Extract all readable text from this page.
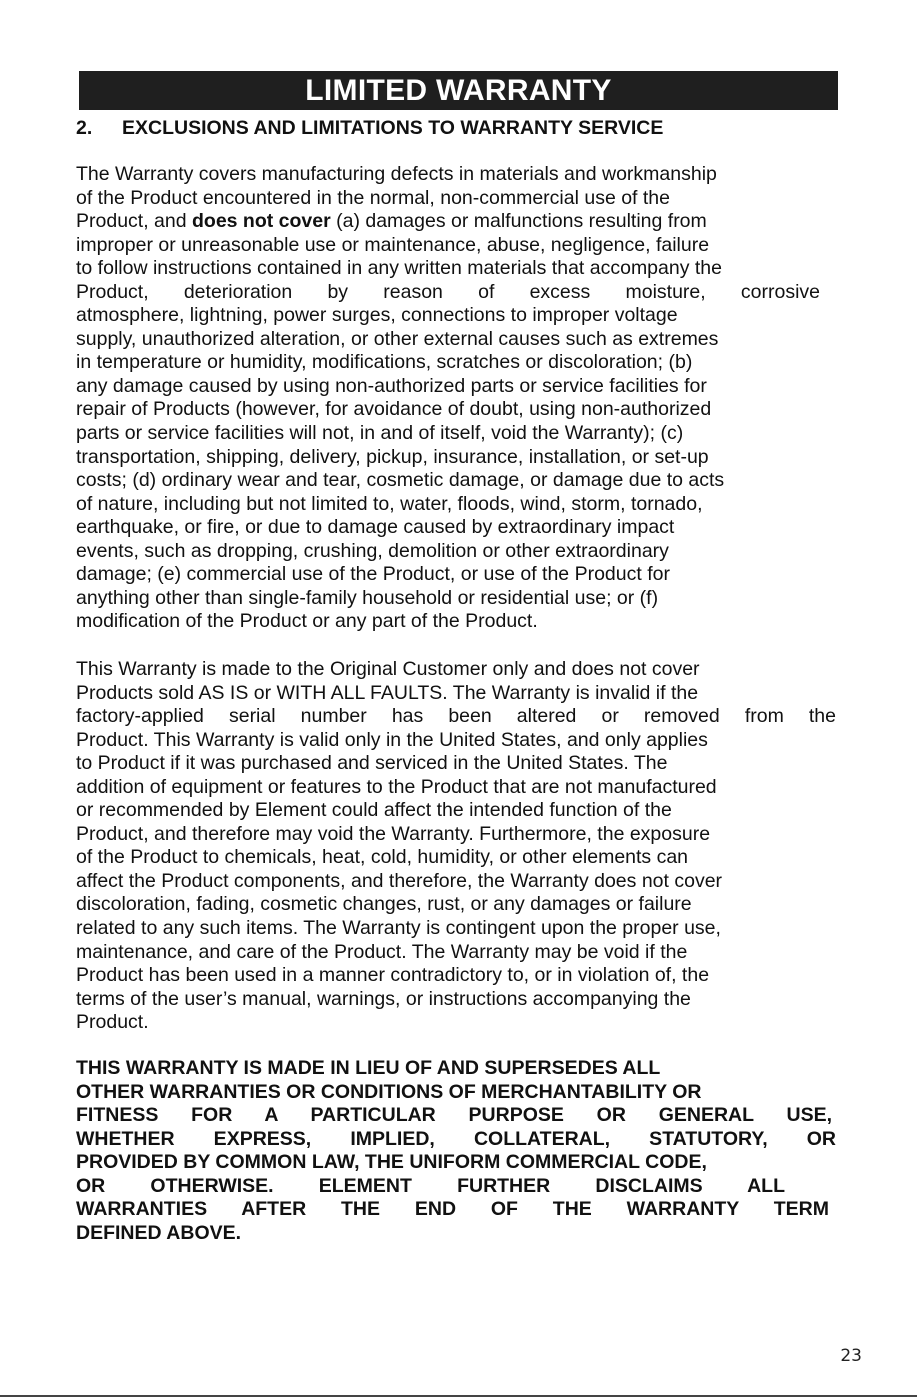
LIMITED WARRANTY
2. EXCLUSIONS AND LIMITATIONS TO WARRANTY SERVICE
The Warranty covers manufacturing defects in materials and workmanship
of the Product encountered in the normal, non-commercial use of the
Product, and does not cover (a) damages or malfunctions resulting from
improper or unreasonable use or maintenance, abuse, negligence, failure
to follow instructions contained in any written materials that accompany the
Product, deterioration by reason of excess moisture, corrosive
atmosphere, lightning, power surges, connections to improper voltage
supply, unauthorized alteration, or other external causes such as extremes
in temperature or humidity, modifications, scratches or discoloration; (b)
any damage caused by using non-authorized parts or service facilities for
repair of Products (however, for avoidance of doubt, using non-authorized
parts or service facilities will not, in and of itself, void the Warranty); (c)
transportation, shipping, delivery, pickup, insurance, installation, or set-up
costs; (d) ordinary wear and tear, cosmetic damage, or damage due to acts
of nature, including but not limited to, water, floods, wind, storm, tornado,
earthquake, or fire, or due to damage caused by extraordinary impact
events, such as dropping, crushing, demolition or other extraordinary
damage; (e) commercial use of the Product, or use of the Product for
anything other than single-family household or residential use; or (f)
modification of the Product or any part of the Product.
This Warranty is made to the Original Customer only and does not cover
Products sold AS IS or WITH ALL FAULTS. The Warranty is invalid if the
factory-applied serial number has been altered or removed from the
Product. This Warranty is valid only in the United States, and only applies
to Product if it was purchased and serviced in the United States. The
addition of equipment or features to the Product that are not manufactured
or recommended by Element could affect the intended function of the
Product, and therefore may void the Warranty. Furthermore, the exposure
of the Product to chemicals, heat, cold, humidity, or other elements can
affect the Product components, and therefore, the Warranty does not cover
discoloration, fading, cosmetic changes, rust, or any damages or failure
related to any such items. The Warranty is contingent upon the proper use,
maintenance, and care of the Product. The Warranty may be void if the
Product has been used in a manner contradictory to, or in violation of, the
terms of the user’s manual, warnings, or instructions accompanying the
Product.
THIS WARRANTY IS MADE IN LIEU OF AND SUPERSEDES ALL
OTHER WARRANTIES OR CONDITIONS OF MERCHANTABILITY OR
FITNESS FOR A PARTICULAR PURPOSE OR GENERAL USE,
WHETHER EXPRESS, IMPLIED, COLLATERAL, STATUTORY, OR
PROVIDED BY COMMON LAW, THE UNIFORM COMMERCIAL CODE,
OR OTHERWISE. ELEMENT FURTHER DISCLAIMS ALL
WARRANTIES AFTER THE END OF THE WARRANTY TERM
DEFINED ABOVE.
23
